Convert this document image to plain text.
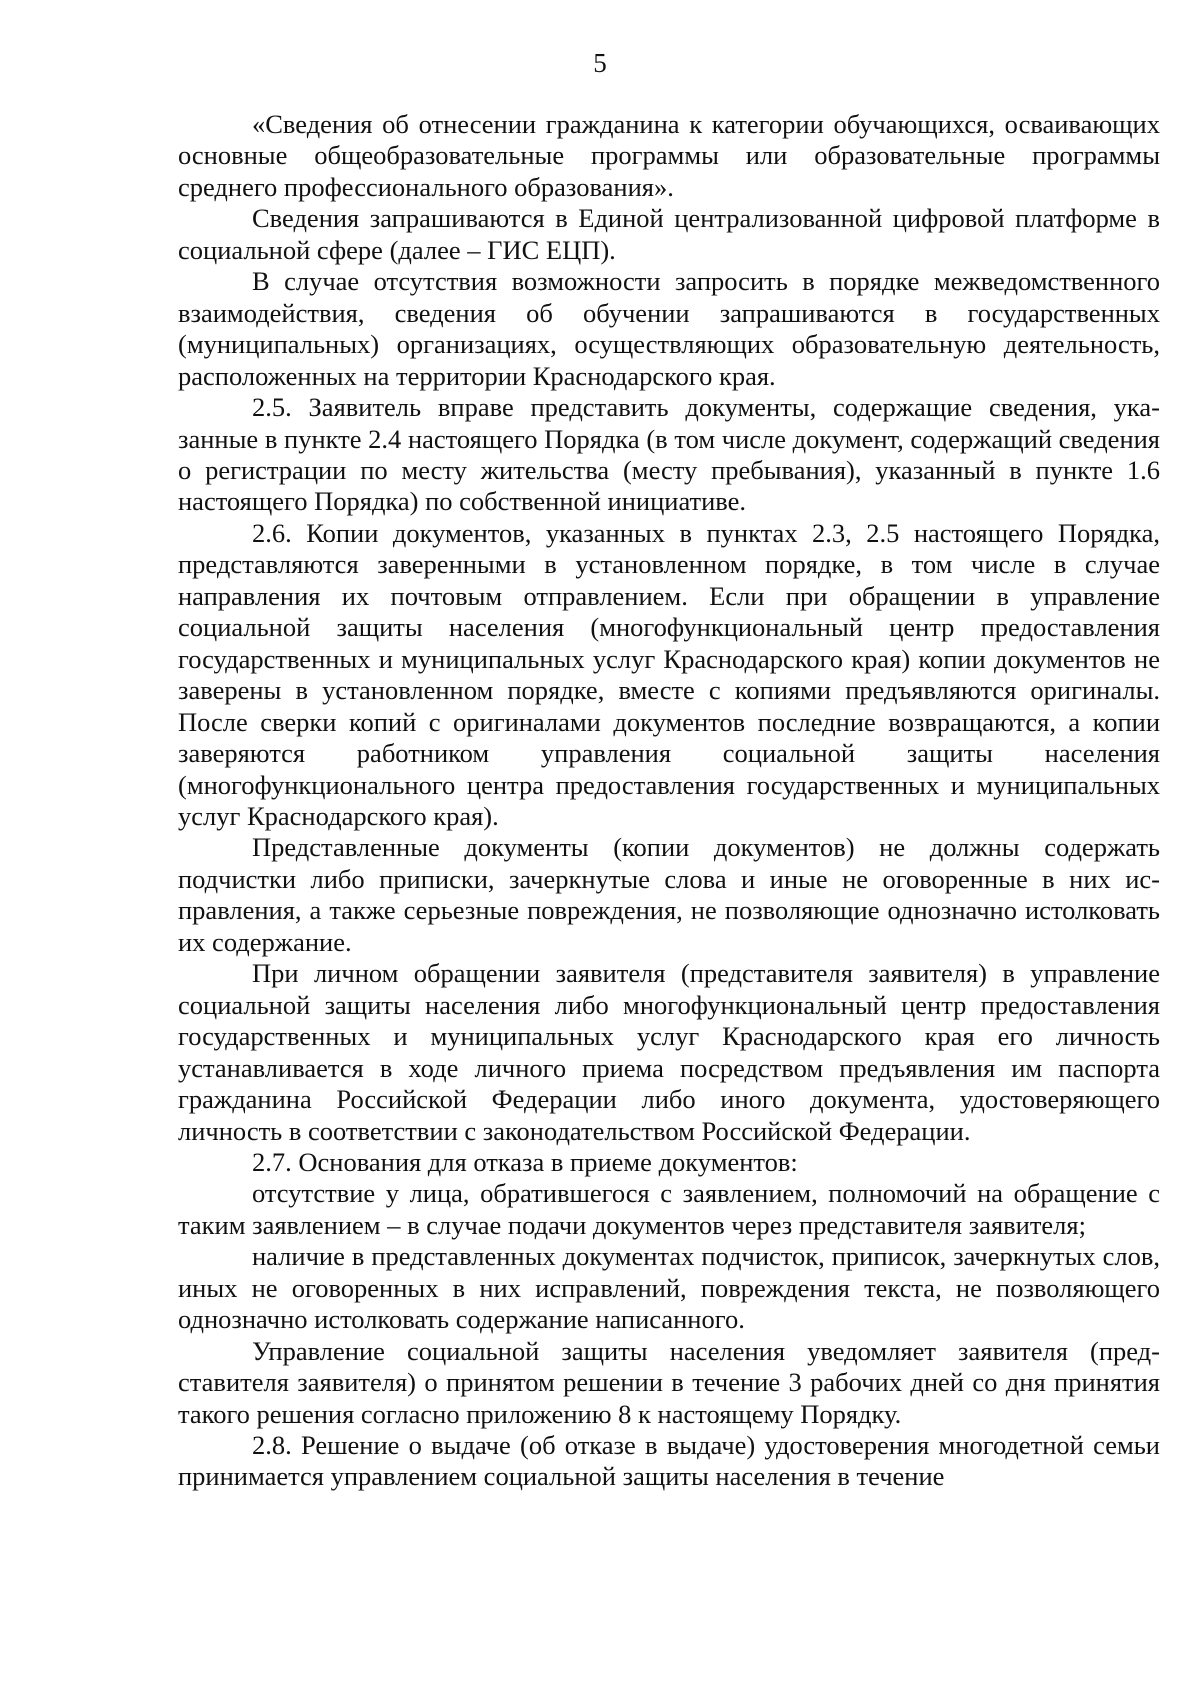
5

«Сведения об отнесении гражданина к категории обучающихся, осваивающих основные общеобразовательные программы или образовательные программы среднего профессионального образования».

Сведения запрашиваются в Единой централизованной цифровой платформе в социальной сфере (далее – ГИС ЕЦП).

В случае отсутствия возможности запросить в порядке межведомственного взаимодействия, сведения об обучении запрашиваются в государственных (муниципальных) организациях, осуществляющих образовательную деятельность, расположенных на территории Краснодарского края.

2.5. Заявитель вправе представить документы, содержащие сведения, указанные в пункте 2.4 настоящего Порядка (в том числе документ, содержащий сведения о регистрации по месту жительства (месту пребывания), указанный в пункте 1.6 настоящего Порядка) по собственной инициативе.

2.6. Копии документов, указанных в пунктах 2.3, 2.5 настоящего Порядка, представляются заверенными в установленном порядке, в том числе в случае направления их почтовым отправлением. Если при обращении в управление социальной защиты населения (многофункциональный центр предоставления государственных и муниципальных услуг Краснодарского края) копии документов не заверены в установленном порядке, вместе с копиями предъявляются оригиналы. После сверки копий с оригиналами документов последние возвращаются, а копии заверяются работником управления социальной защиты населения (многофункционального центра предоставления государственных и муниципальных услуг Краснодарского края).

Представленные документы (копии документов) не должны содержать подчистки либо приписки, зачеркнутые слова и иные не оговоренные в них исправления, а также серьезные повреждения, не позволяющие однозначно истолковать их содержание.

При личном обращении заявителя (представителя заявителя) в управление социальной защиты населения либо многофункциональный центр предоставления государственных и муниципальных услуг Краснодарского края его личность устанавливается в ходе личного приема посредством предъявления им паспорта гражданина Российской Федерации либо иного документа, удостоверяющего личность в соответствии с законодательством Российской Федерации.

2.7. Основания для отказа в приеме документов:

отсутствие у лица, обратившегося с заявлением, полномочий на обращение с таким заявлением – в случае подачи документов через представителя заявителя;

наличие в представленных документах подчисток, приписок, зачеркнутых слов, иных не оговоренных в них исправлений, повреждения текста, не позволяющего однозначно истолковать содержание написанного.

Управление социальной защиты населения уведомляет заявителя (представителя заявителя) о принятом решении в течение 3 рабочих дней со дня принятия такого решения согласно приложению 8 к настоящему Порядку.

2.8. Решение о выдаче (об отказе в выдаче) удостоверения многодетной семьи принимается управлением социальной защиты населения в течение
